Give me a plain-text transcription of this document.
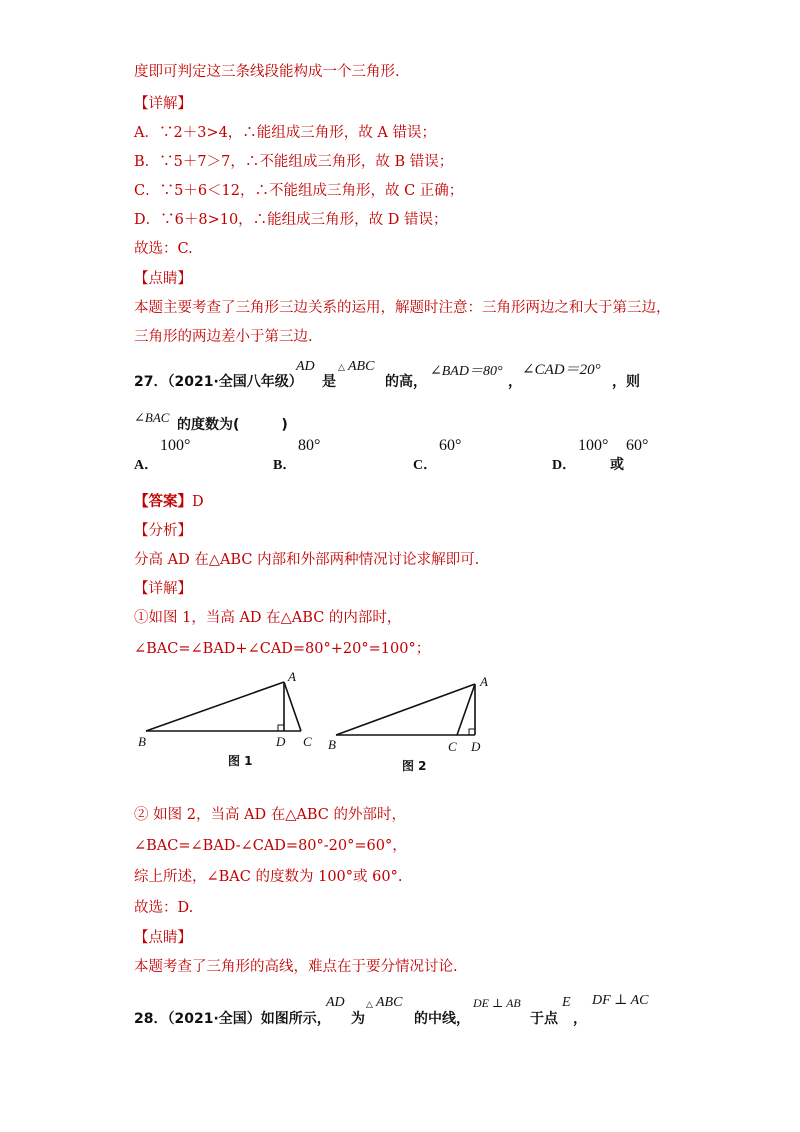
度即可判定这三条线段能构成一个三角形.
【详解】
A．∵2＋3>4，∴能组成三角形，故 A 错误；
B．∵5＋7＞7，∴不能组成三角形，故 B 错误；
C．∵5＋6＜12，∴不能组成三角形，故 C 正确；
D．∵6＋8>10，∴能组成三角形，故 D 错误；
故选：C.
【点睛】
本题主要考查了三角形三边关系的运用，解题时注意：三角形两边之和大于第三边，
三角形的两边差小于第三边.
27．（2021·全国八年级）
AD
是
△ ABC
的高，
∠BAD＝80°
，
∠CAD＝20°
，则
∠BAC 的度数为(　　　)
A．
100°
B．
80°
C．
60°
D．
100°
或
60°
【答案】D
【分析】
分高 AD 在△ABC 内部和外部两种情况讨论求解即可.
【详解】
①如图 1，当高 AD 在△ABC 的内部时，
∠BAC=∠BAD+∠CAD=80°+20°=100°；
A
B	D C
图 1
A
B	C D
图 2
② 如图 2，当高 AD 在△ABC 的外部时，
∠BAC=∠BAD-∠CAD=80°-20°=60°，
综上所述，∠BAC 的度数为 100°或 60°.
故选：D.
【点睛】
本题考查了三角形的高线，难点在于要分情况讨论.
28．（2021·全国）如图所示，
AD
为
△ ABC
的中线，
DE ⊥ AB
于点
E
，
DF ⊥ AC
